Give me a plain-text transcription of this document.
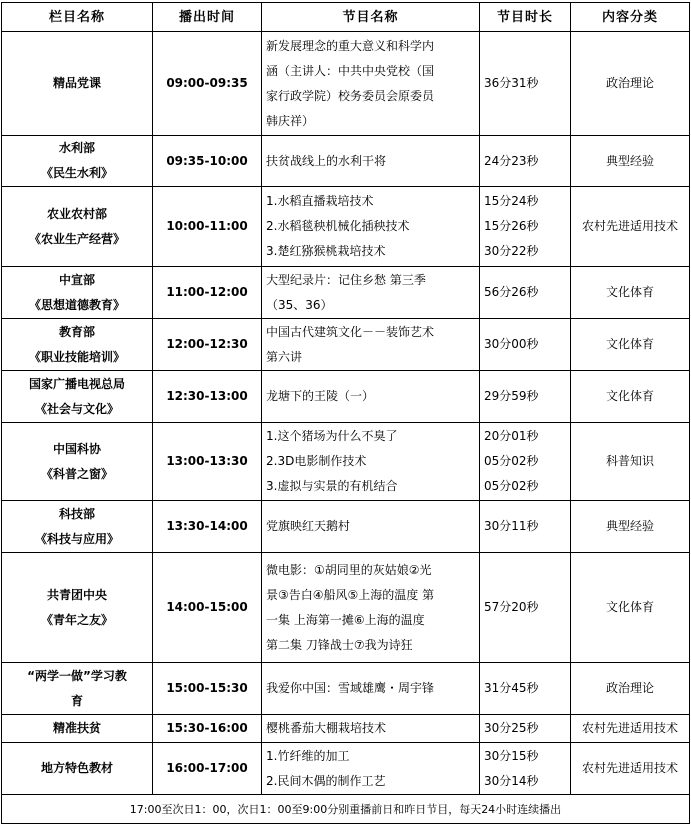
栏目名称	播出时间	节目名称	节目时长	内容分类

精品党课	09:00-09:35	新发展理念的重大意义和科学内
涵（主讲人：中共中央党校（国
家行政学院）校务委员会原委员
韩庆祥）	36分31秒	政治理论

水利部
《民生水利》	09:35-10:00	扶贫战线上的水利干将	24分23秒	典型经验

农业农村部
《农业生产经营》	10:00-11:00	1.水稻直播栽培技术
2.水稻毯秧机械化插秧技术
3.楚红猕猴桃栽培技术	15分24秒
15分26秒
30分22秒	农村先进适用技术

中宣部
《思想道德教育》	11:00-12:00	大型纪录片：记住乡愁 第三季
（35、36）	56分26秒	文化体育

教育部
《职业技能培训》	12:00-12:30	中国古代建筑文化－－装饰艺术
第六讲	30分00秒	文化体育

国家广播电视总局
《社会与文化》	12:30-13:00	龙塘下的王陵（一）	29分59秒	文化体育

中国科协
《科普之窗》	13:00-13:30	1.这个猪场为什么不臭了
2.3D电影制作技术
3.虚拟与实景的有机结合	20分01秒
05分02秒
05分02秒	科普知识

科技部
《科技与应用》	13:30-14:00	党旗映红天鹅村	30分11秒	典型经验

共青团中央
《青年之友》	14:00-15:00	微电影：①胡同里的灰姑娘②光
景③告白④船风⑤上海的温度 第
一集 上海第一摊⑥上海的温度
第二集 刀锋战士⑦我为诗狂	57分20秒	文化体育

“两学一做”学习教
育	15:00-15:30	我爱你中国：雪域雄鹰・周宇锋	31分45秒	政治理论

精准扶贫	15:30-16:00	樱桃番茄大棚栽培技术	30分25秒	农村先进适用技术

地方特色教材	16:00-17:00	1.竹纤维的加工
2.民间木偶的制作工艺	30分15秒
30分14秒	农村先进适用技术
17:00至次日1：00，次日1：00至9:00分别重播前日和昨日节目，每天24小时连续播出				
